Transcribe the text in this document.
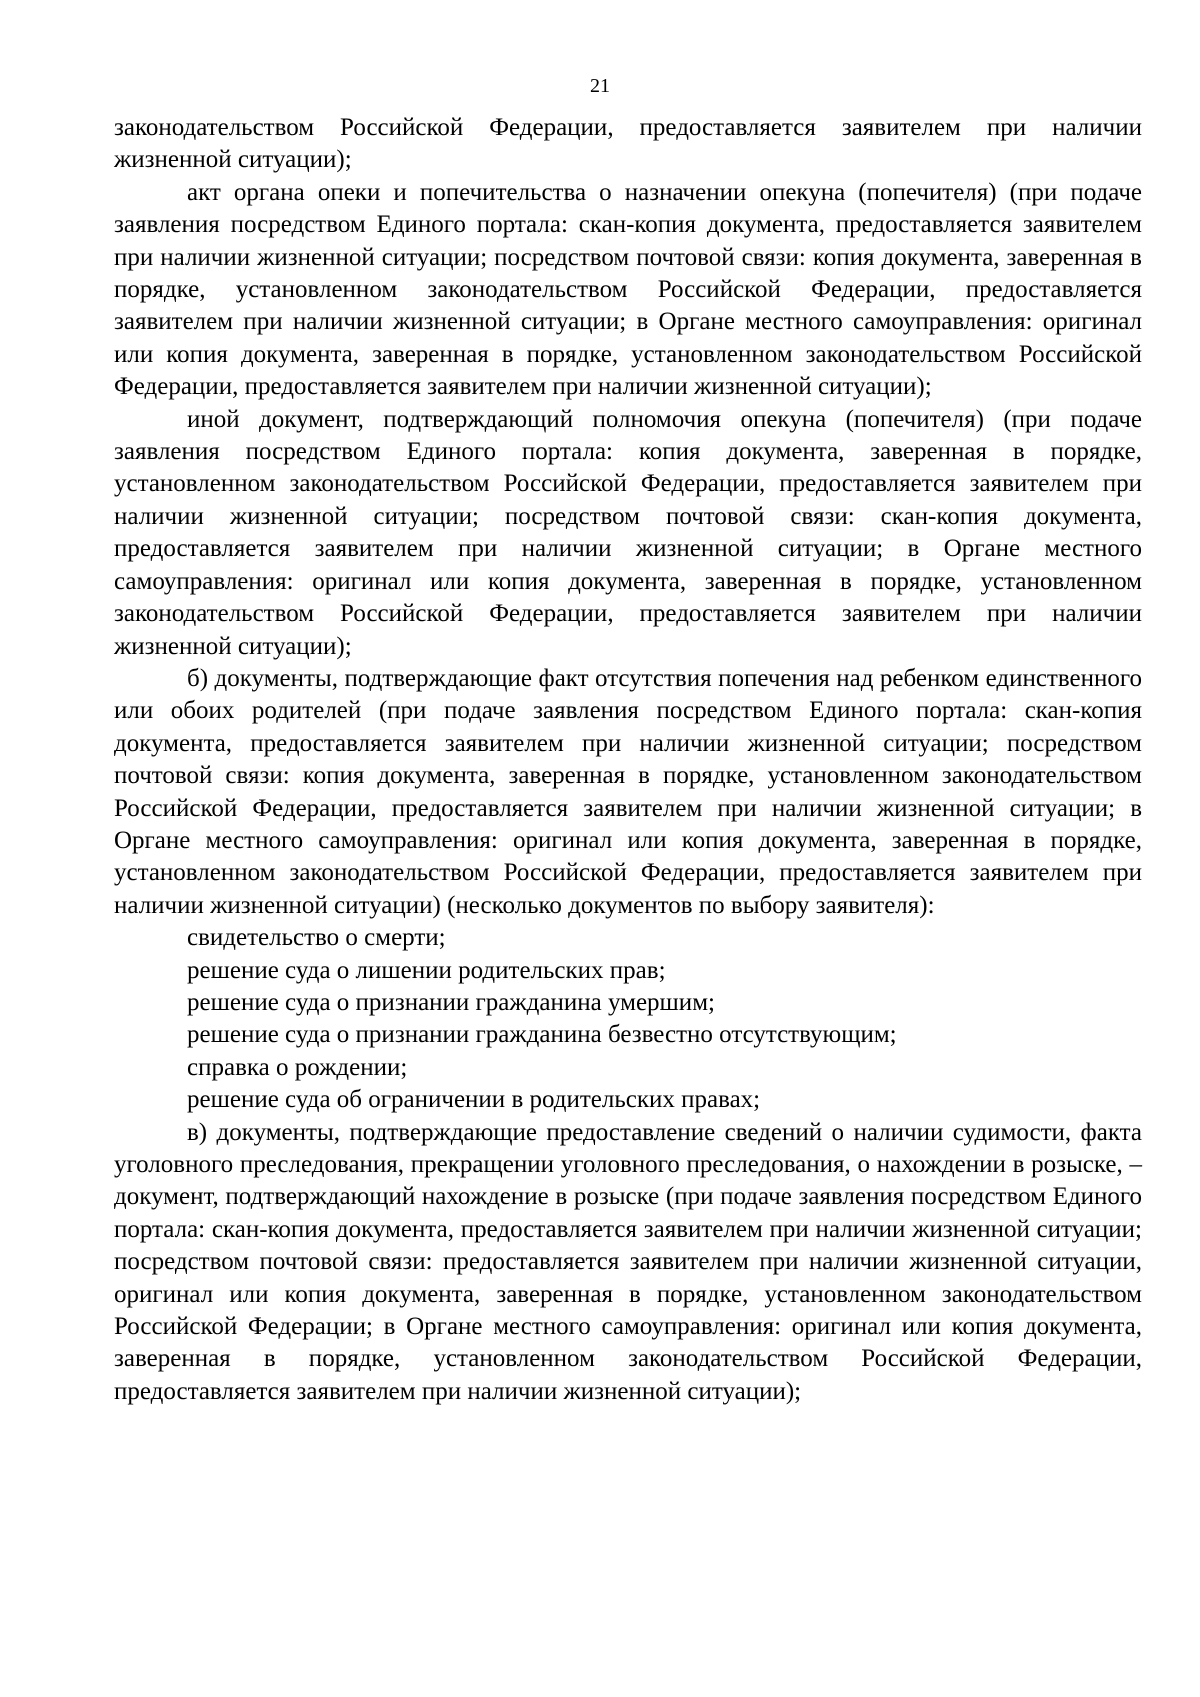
21

законодательством Российской Федерации, предоставляется заявителем при наличии жизненной ситуации);

акт органа опеки и попечительства о назначении опекуна (попечителя) (при подаче заявления посредством Единого портала: скан-копия документа, предоставляется заявителем при наличии жизненной ситуации; посредством почтовой связи: копия документа, заверенная в порядке, установленном законодательством Российской Федерации, предоставляется заявителем при наличии жизненной ситуации; в Органе местного самоуправления: оригинал или копия документа, заверенная в порядке, установленном законодательством Российской Федерации, предоставляется заявителем при наличии жизненной ситуации);

иной документ, подтверждающий полномочия опекуна (попечителя) (при подаче заявления посредством Единого портала: копия документа, заверенная в порядке, установленном законодательством Российской Федерации, предоставляется заявителем при наличии жизненной ситуации; посредством почтовой связи: скан-копия документа, предоставляется заявителем при наличии жизненной ситуации; в Органе местного самоуправления: оригинал или копия документа, заверенная в порядке, установленном законодательством Российской Федерации, предоставляется заявителем при наличии жизненной ситуации);

б) документы, подтверждающие факт отсутствия попечения над ребенком единственного или обоих родителей (при подаче заявления посредством Единого портала: скан-копия документа, предоставляется заявителем при наличии жизненной ситуации; посредством почтовой связи: копия документа, заверенная в порядке, установленном законодательством Российской Федерации, предоставляется заявителем при наличии жизненной ситуации; в Органе местного самоуправления: оригинал или копия документа, заверенная в порядке, установленном законодательством Российской Федерации, предоставляется заявителем при наличии жизненной ситуации) (несколько документов по выбору заявителя):

свидетельство о смерти;

решение суда о лишении родительских прав;

решение суда о признании гражданина умершим;

решение суда о признании гражданина безвестно отсутствующим;

справка о рождении;

решение суда об ограничении в родительских правах;

в) документы, подтверждающие предоставление сведений о наличии судимости, факта уголовного преследования, прекращении уголовного преследования, о нахождении в розыске, – документ, подтверждающий нахождение в розыске (при подаче заявления посредством Единого портала: скан-копия документа, предоставляется заявителем при наличии жизненной ситуации; посредством почтовой связи: предоставляется заявителем при наличии жизненной ситуации, оригинал или копия документа, заверенная в порядке, установленном законодательством Российской Федерации; в Органе местного самоуправления: оригинал или копия документа, заверенная в порядке, установленном законодательством Российской Федерации, предоставляется заявителем при наличии жизненной ситуации);
